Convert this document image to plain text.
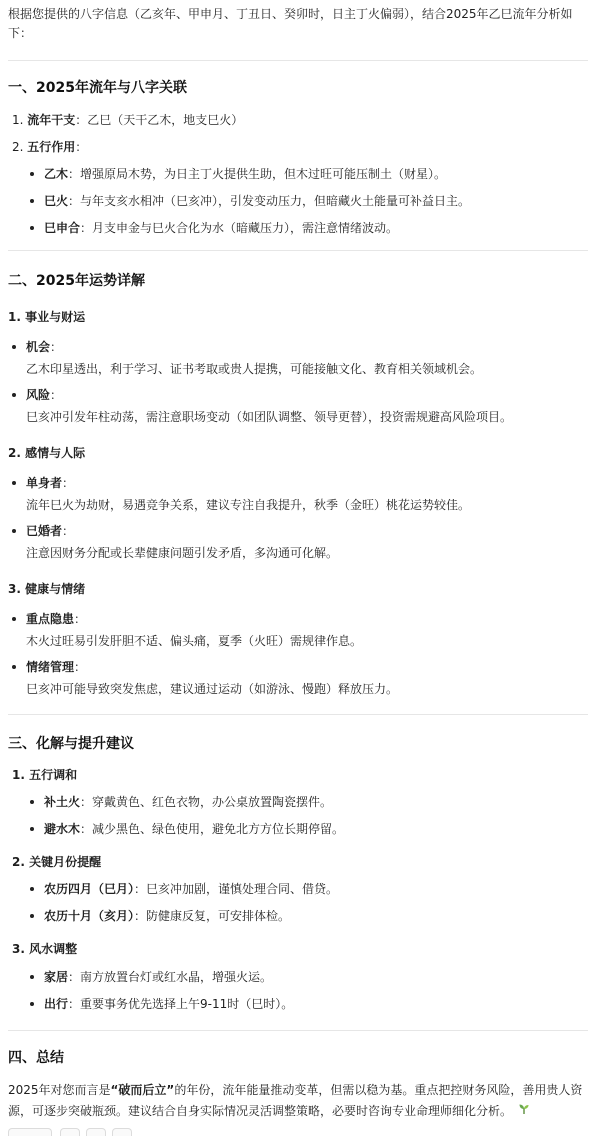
根据您提供的八字信息（乙亥年、甲申月、丁丑日、癸卯时，日主丁火偏弱），结合2025年乙巳流年分析如下：
一、2025年流年与八字关联
1. 流年干支：乙巳（天干乙木，地支巳火）
2. 五行作用：
乙木：增强原局木势，为日主丁火提供生助，但木过旺可能压制土（财星）。
巳火：与年支亥水相冲（巳亥冲），引发变动压力，但暗藏火土能量可补益日主。
巳申合：月支申金与巳火合化为水（暗藏压力），需注意情绪波动。
二、2025年运势详解
1. 事业与财运
机会：
乙木印星透出，利于学习、证书考取或贵人提携，可能接触文化、教育相关领域机会。
风险：
巳亥冲引发年柱动荡，需注意职场变动（如团队调整、领导更替），投资需规避高风险项目。
2. 感情与人际
单身者：
流年巳火为劫财，易遇竞争关系，建议专注自我提升，秋季（金旺）桃花运势较佳。
已婚者：
注意因财务分配或长辈健康问题引发矛盾，多沟通可化解。
3. 健康与情绪
重点隐患：
木火过旺易引发肝胆不适、偏头痛，夏季（火旺）需规律作息。
情绪管理：
巳亥冲可能导致突发焦虑，建议通过运动（如游泳、慢跑）释放压力。
三、化解与提升建议
1. 五行调和
补土火：穿戴黄色、红色衣物，办公桌放置陶瓷摆件。
避水木：减少黑色、绿色使用，避免北方方位长期停留。
2. 关键月份提醒
农历四月（巳月）：巳亥冲加剧，谨慎处理合同、借贷。
农历十月（亥月）：防健康反复，可安排体检。
3. 风水调整
家居：南方放置台灯或红水晶，增强火运。
出行：重要事务优先选择上午9-11时（巳时）。
四、总结
2025年对您而言是“破而后立”的年份，流年能量推动变革，但需以稳为基。重点把控财务风险，善用贵人资源，可逐步突破瓶颈。建议结合自身实际情况灵活调整策略，必要时咨询专业命理师细化分析。
